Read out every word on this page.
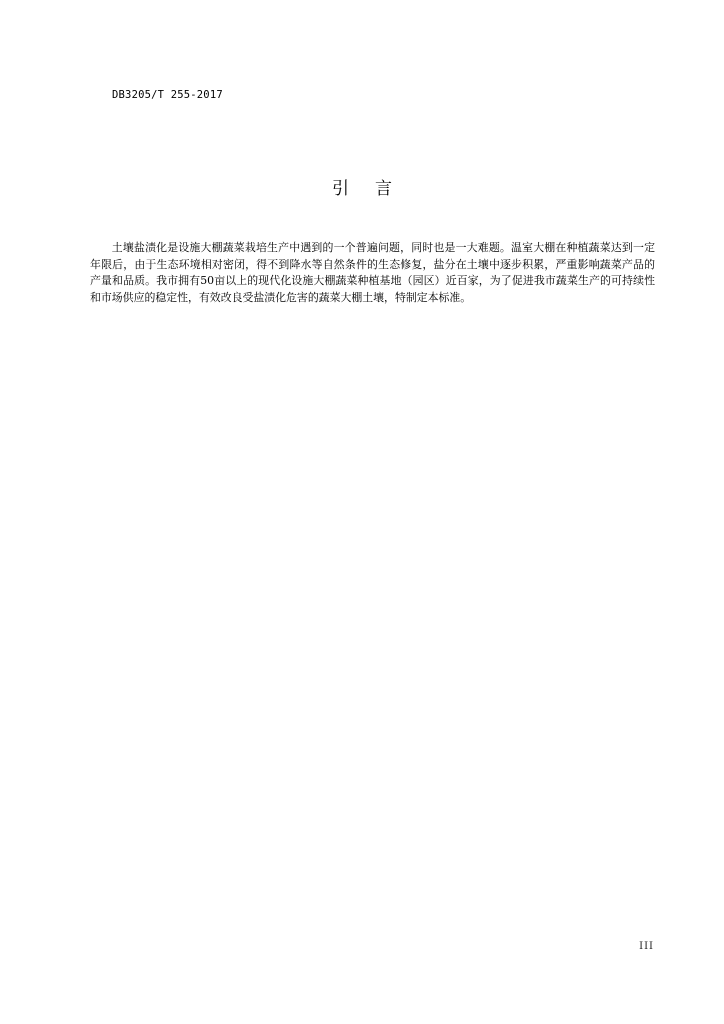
DB3205/T 255-2017
引 言
土壤盐渍化是设施大棚蔬菜栽培生产中遇到的一个普遍问题，同时也是一大难题。温室大棚在种植蔬菜达到一定年限后，由于生态环境相对密闭，得不到降水等自然条件的生态修复，盐分在土壤中逐步积累，严重影响蔬菜产品的产量和品质。我市拥有50亩以上的现代化设施大棚蔬菜种植基地（园区）近百家，为了促进我市蔬菜生产的可持续性和市场供应的稳定性，有效改良受盐渍化危害的蔬菜大棚土壤，特制定本标准。
III
